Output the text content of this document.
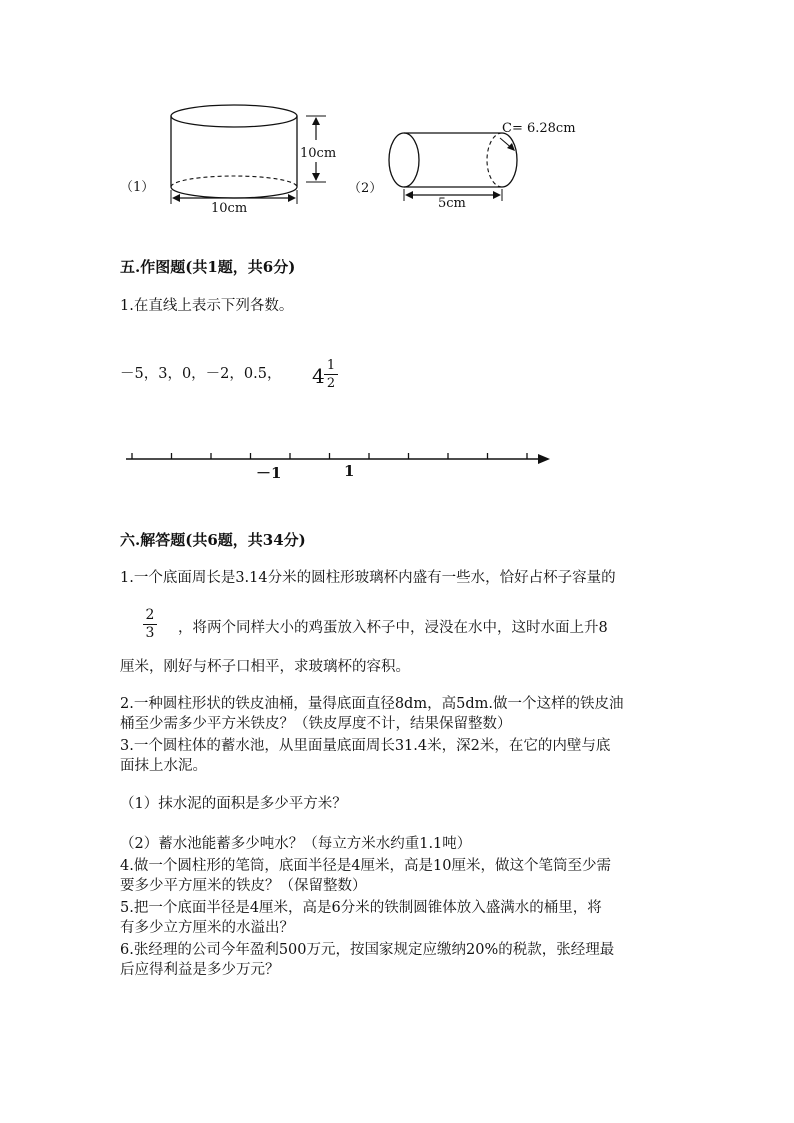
（1）
10cm
10cm
（2）
C= 6.28cm
5cm
五.作图题(共1题，共6分)
1.在直线上表示下列各数。
－5，3，0，－2，0.5， 4 1
2
－1	1
六.解答题(共6题，共34分)
1.一个底面周长是3.14分米的圆柱形玻璃杯内盛有一些水，恰好占杯子容量的
2
3 ，将两个同样大小的鸡蛋放入杯子中，浸没在水中，这时水面上升8
厘米，刚好与杯子口相平，求玻璃杯的容积。
2.一种圆柱形状的铁皮油桶，量得底面直径8dm，高5dm.做一个这样的铁皮油
桶至少需多少平方米铁皮？（铁皮厚度不计，结果保留整数）
3.一个圆柱体的蓄水池，从里面量底面周长31.4米，深2米，在它的内壁与底
面抹上水泥。
（1）抹水泥的面积是多少平方米？
（2）蓄水池能蓄多少吨水？（每立方米水约重1.1吨）
4.做一个圆柱形的笔筒，底面半径是4厘米，高是10厘米，做这个笔筒至少需
要多少平方厘米的铁皮？（保留整数）
5.把一个底面半径是4厘米，高是6分米的铁制圆锥体放入盛满水的桶里，将
有多少立方厘米的水溢出？
6.张经理的公司今年盈利500万元，按国家规定应缴纳20%的税款，张经理最
后应得利益是多少万元？
